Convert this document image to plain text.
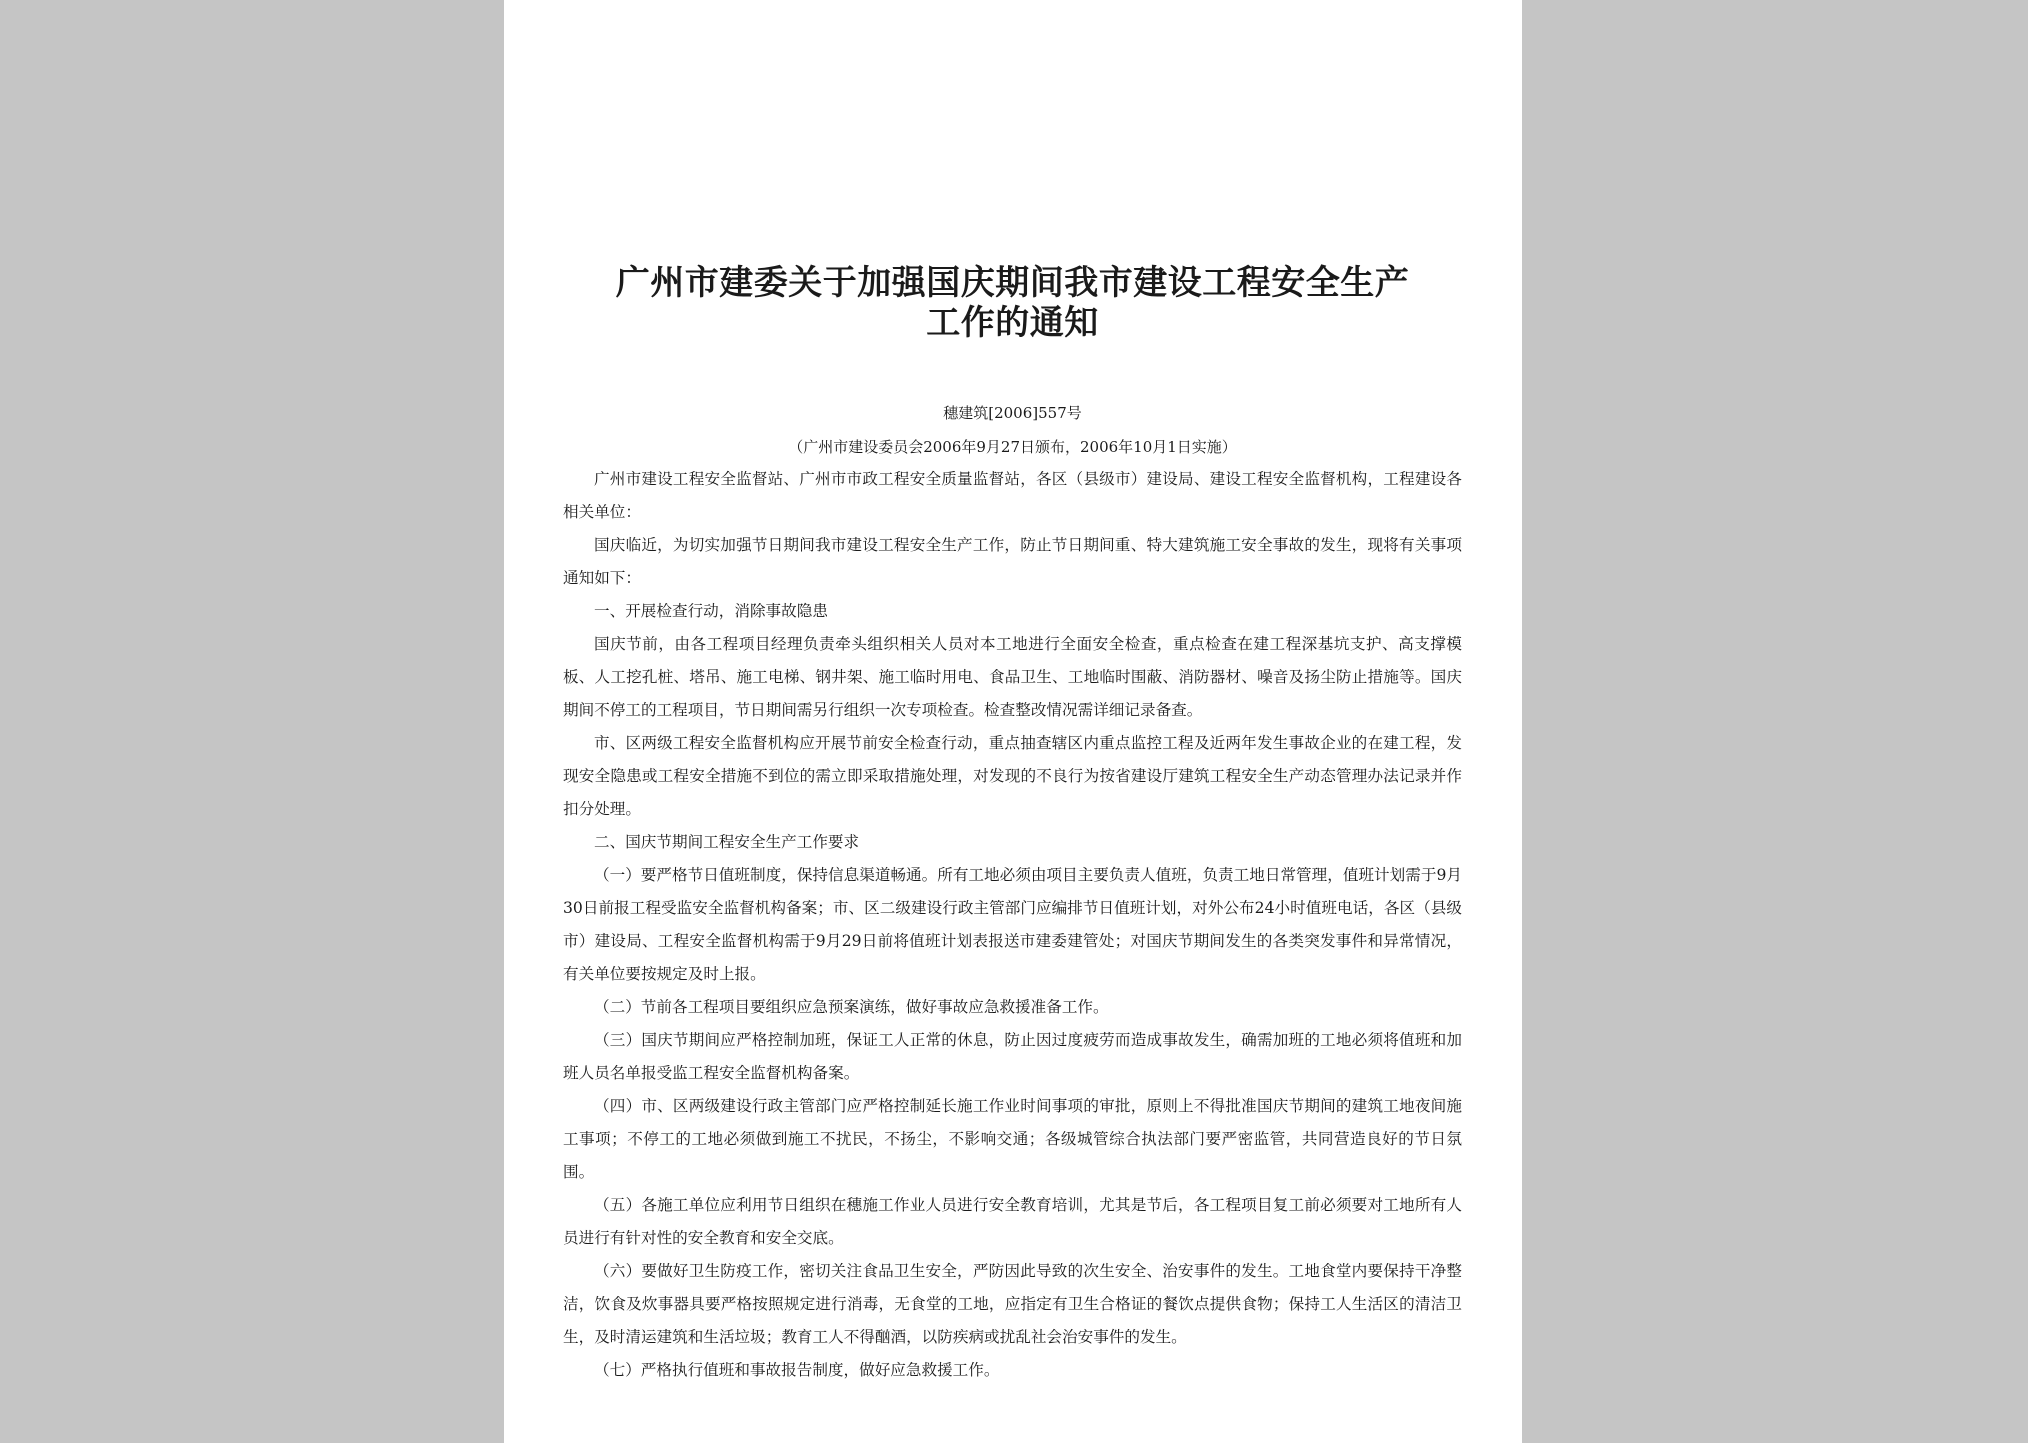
广州市建委关于加强国庆期间我市建设工程安全生产
工作的通知
穗建筑[2006]557号
（广州市建设委员会2006年9月27日颁布，2006年10月1日实施）

广州市建设工程安全监督站、广州市市政工程安全质量监督站，各区（县级市）建设局、建设工程安全监督机构，工程建设各相关单位：

国庆临近，为切实加强节日期间我市建设工程安全生产工作，防止节日期间重、特大建筑施工安全事故的发生，现将有关事项通知如下：

一、开展检查行动，消除事故隐患

国庆节前，由各工程项目经理负责牵头组织相关人员对本工地进行全面安全检查，重点检查在建工程深基坑支护、高支撑模板、人工挖孔桩、塔吊、施工电梯、钢井架、施工临时用电、食品卫生、工地临时围蔽、消防器材、噪音及扬尘防止措施等。国庆期间不停工的工程项目，节日期间需另行组织一次专项检查。检查整改情况需详细记录备查。

市、区两级工程安全监督机构应开展节前安全检查行动，重点抽查辖区内重点监控工程及近两年发生事故企业的在建工程，发现安全隐患或工程安全措施不到位的需立即采取措施处理，对发现的不良行为按省建设厅建筑工程安全生产动态管理办法记录并作扣分处理。

二、国庆节期间工程安全生产工作要求

（一）要严格节日值班制度，保持信息渠道畅通。所有工地必须由项目主要负责人值班，负责工地日常管理，值班计划需于9月30日前报工程受监安全监督机构备案；市、区二级建设行政主管部门应编排节日值班计划，对外公布24小时值班电话，各区（县级市）建设局、工程安全监督机构需于9月29日前将值班计划表报送市建委建管处；对国庆节期间发生的各类突发事件和异常情况，有关单位要按规定及时上报。

（二）节前各工程项目要组织应急预案演练，做好事故应急救援准备工作。

（三）国庆节期间应严格控制加班，保证工人正常的休息，防止因过度疲劳而造成事故发生，确需加班的工地必须将值班和加班人员名单报受监工程安全监督机构备案。

（四）市、区两级建设行政主管部门应严格控制延长施工作业时间事项的审批，原则上不得批准国庆节期间的建筑工地夜间施工事项；不停工的工地必须做到施工不扰民，不扬尘，不影响交通；各级城管综合执法部门要严密监管，共同营造良好的节日氛围。

（五）各施工单位应利用节日组织在穗施工作业人员进行安全教育培训，尤其是节后，各工程项目复工前必须要对工地所有人员进行有针对性的安全教育和安全交底。

（六）要做好卫生防疫工作，密切关注食品卫生安全，严防因此导致的次生安全、治安事件的发生。工地食堂内要保持干净整洁，饮食及炊事器具要严格按照规定进行消毒，无食堂的工地，应指定有卫生合格证的餐饮点提供食物；保持工人生活区的清洁卫生，及时清运建筑和生活垃圾；教育工人不得酗酒，以防疾病或扰乱社会治安事件的发生。

（七）严格执行值班和事故报告制度，做好应急救援工作。
